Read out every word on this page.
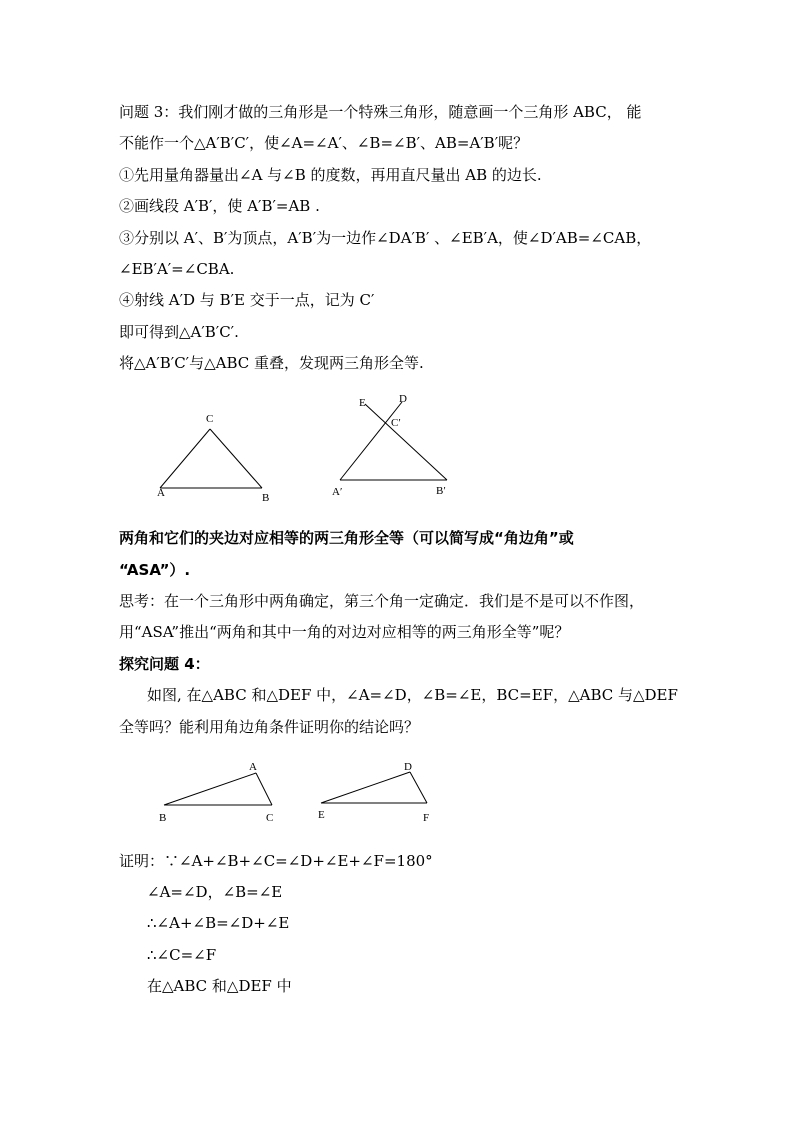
问题 3：我们刚才做的三角形是一个特殊三角形，随意画一个三角形 ABC， 能
不能作一个△A′B′C′，使∠A=∠A′、∠B=∠B′、AB=A′B′呢？
①先用量角器量出∠A 与∠B 的度数，再用直尺量出 AB 的边长.
②画线段 A′B′，使 A′B′=AB .
③分别以 A′、B′为顶点，A′B′为一边作∠DA′B′ 、∠EB′A，使∠D′AB=∠CAB，
∠EB′A′=∠CBA.
④射线 A′D 与 B′E 交于一点，记为 C′
即可得到△A′B′C′.
将△A′B′C′与△ABC 重叠，发现两三角形全等.
C
A	B
E	D
C′
A′	B′
两角和它们的夹边对应相等的两三角形全等（可以简写成“角边角”或
“ASA”）.
思考：在一个三角形中两角确定，第三个角一定确定．我们是不是可以不作图，
用“ASA”推出“两角和其中一角的对边对应相等的两三角形全等”呢？
探究问题 4：
如图, 在△ABC 和△DEF 中，∠A=∠D，∠B=∠E，BC=EF，△ABC 与△DEF
全等吗？能利用角边角条件证明你的结论吗？
A
B	C
D
E	F
证明：∵∠A+∠B+∠C=∠D+∠E+∠F=180°
∠A=∠D，∠B=∠E
∴∠A+∠B=∠D+∠E
∴∠C=∠F
在△ABC 和△DEF 中
